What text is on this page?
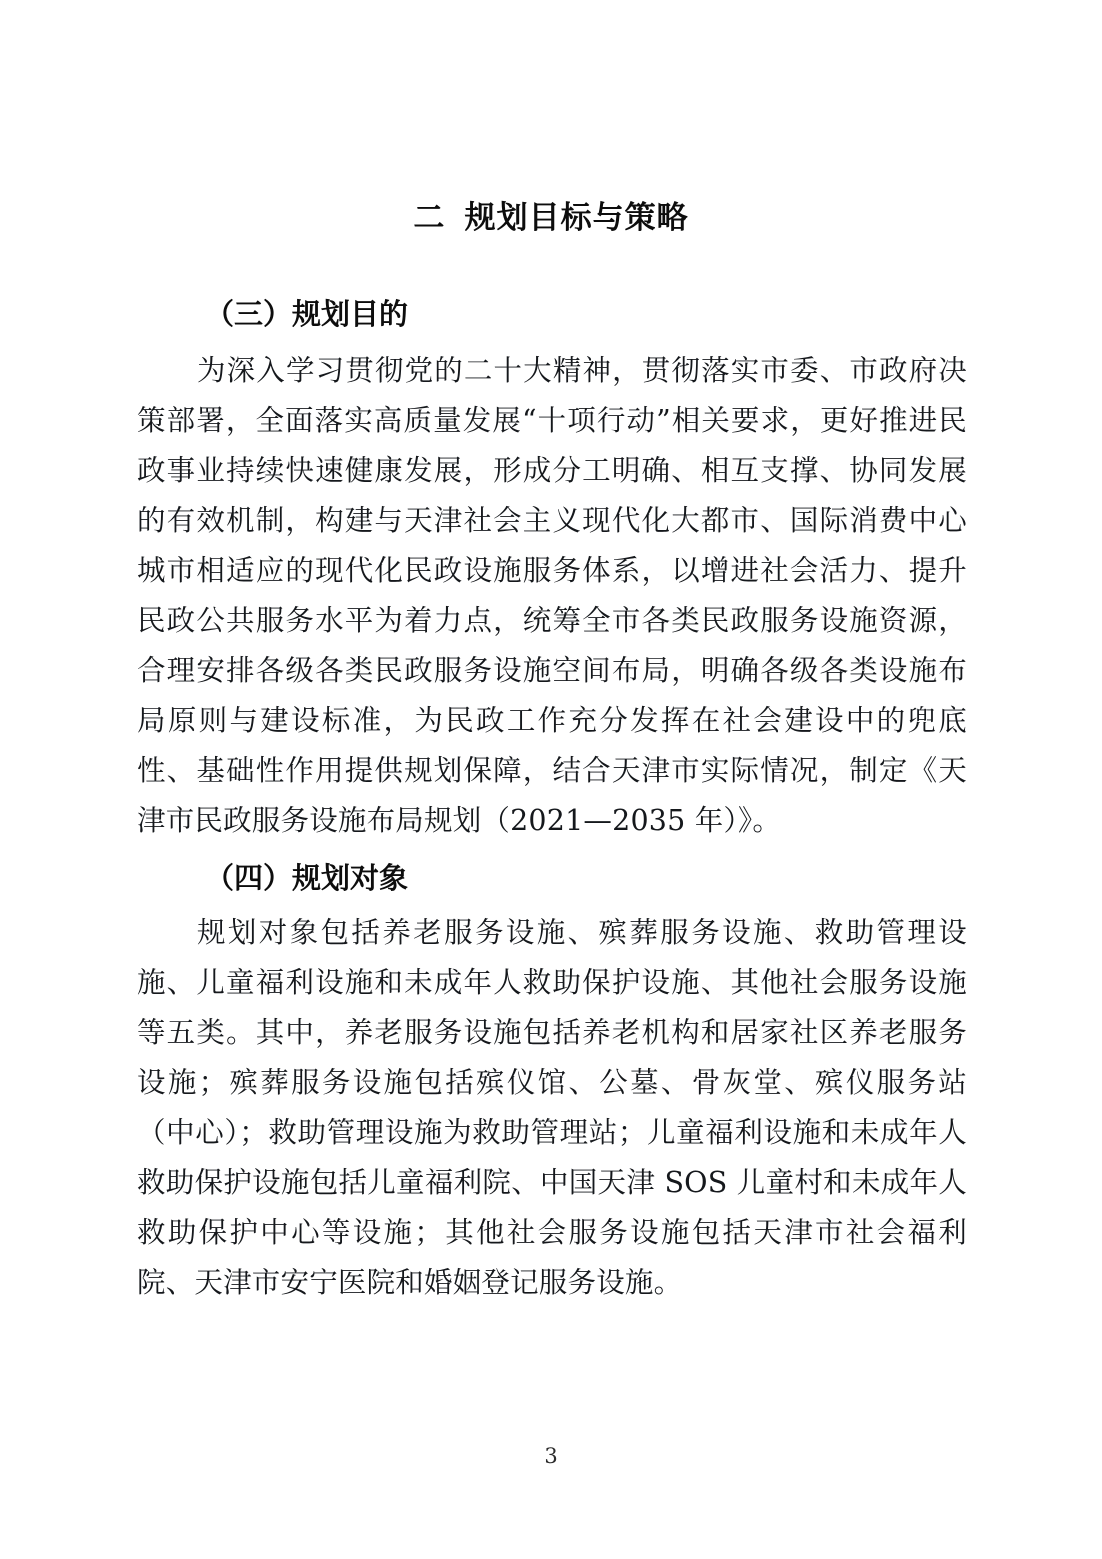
二  规划目标与策略
（三）规划目的

为深入学习贯彻党的二十大精神，贯彻落实市委、市政府决策部署，全面落实高质量发展“十项行动”相关要求，更好推进民政事业持续快速健康发展，形成分工明确、相互支撑、协同发展的有效机制，构建与天津社会主义现代化大都市、国际消费中心城市相适应的现代化民政设施服务体系，以增进社会活力、提升民政公共服务水平为着力点，统筹全市各类民政服务设施资源，合理安排各级各类民政服务设施空间布局，明确各级各类设施布局原则与建设标准，为民政工作充分发挥在社会建设中的兜底性、基础性作用提供规划保障，结合天津市实际情况，制定《天津市民政服务设施布局规划（2021—2035 年）》。

（四）规划对象

规划对象包括养老服务设施、殡葬服务设施、救助管理设施、儿童福利设施和未成年人救助保护设施、其他社会服务设施等五类。其中，养老服务设施包括养老机构和居家社区养老服务设施；殡葬服务设施包括殡仪馆、公墓、骨灰堂、殡仪服务站（中心）；救助管理设施为救助管理站；儿童福利设施和未成年人救助保护设施包括儿童福利院、中国天津 SOS 儿童村和未成年人救助保护中心等设施；其他社会服务设施包括天津市社会福利院、天津市安宁医院和婚姻登记服务设施。

3
